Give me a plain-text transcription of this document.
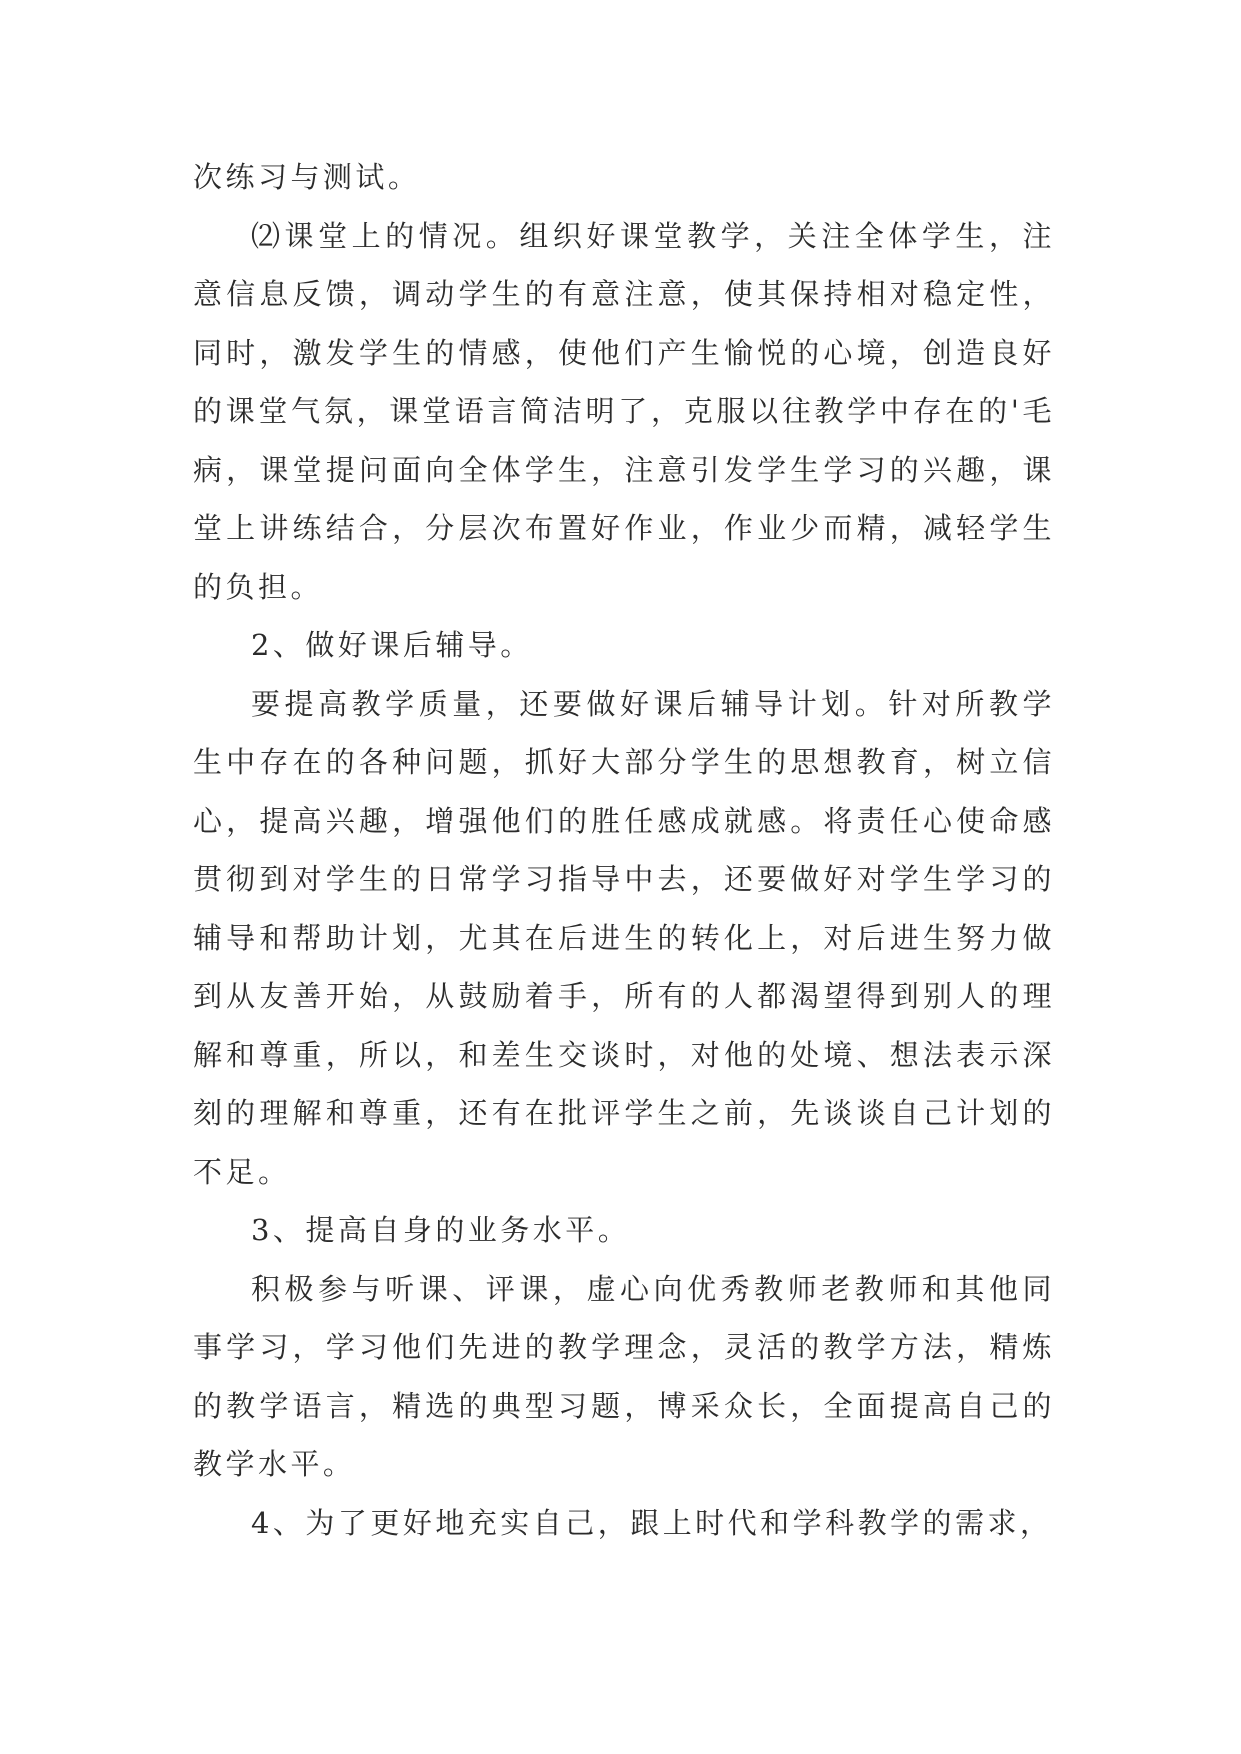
次练习与测试。

⑵课堂上的情况。组织好课堂教学，关注全体学生，注意信息反馈，调动学生的有意注意，使其保持相对稳定性，同时，激发学生的情感，使他们产生愉悦的心境，创造良好的课堂气氛，课堂语言简洁明了，克服以往教学中存在的'毛病，课堂提问面向全体学生，注意引发学生学习的兴趣，课堂上讲练结合，分层次布置好作业，作业少而精，减轻学生的负担。

2、做好课后辅导。

要提高教学质量，还要做好课后辅导计划。针对所教学生中存在的各种问题，抓好大部分学生的思想教育，树立信心，提高兴趣，增强他们的胜任感成就感。将责任心使命感贯彻到对学生的日常学习指导中去，还要做好对学生学习的辅导和帮助计划，尤其在后进生的转化上，对后进生努力做到从友善开始，从鼓励着手，所有的人都渴望得到别人的理解和尊重，所以，和差生交谈时，对他的处境、想法表示深刻的理解和尊重，还有在批评学生之前，先谈谈自己计划的不足。

3、提高自身的业务水平。

积极参与听课、评课，虚心向优秀教师老教师和其他同事学习，学习他们先进的教学理念，灵活的教学方法，精炼的教学语言，精选的典型习题，博采众长，全面提高自己的教学水平。

4、为了更好地充实自己，跟上时代和学科教学的需求，
